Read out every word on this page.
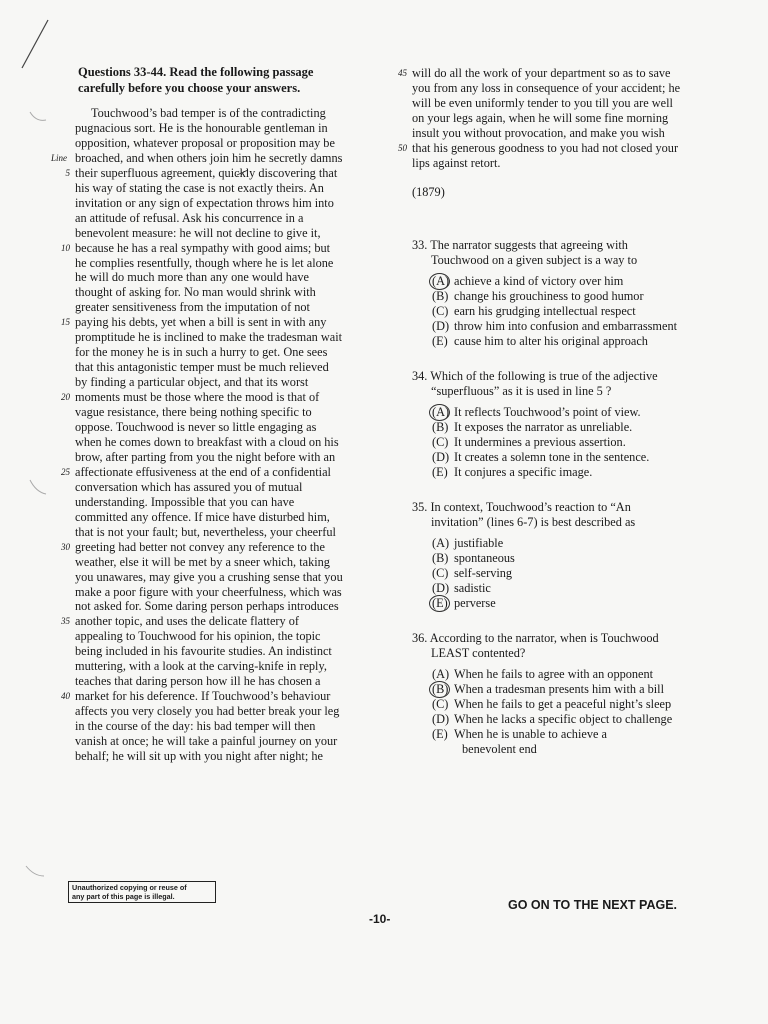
Questions 33-44. Read the following passage
carefully before you choose your answers.
Touchwood’s bad temper is of the contradicting
pugnacious sort. He is the honourable gentleman in
opposition, whatever proposal or proposition may be
Line broached, and when others join him he secretly damns
5 their superfluous agreement, quickly discovering that
his way of stating the case is not exactly theirs. An
invitation or any sign of expectation throws him into
an attitude of refusal. Ask his concurrence in a
benevolent measure: he will not decline to give it,
10 because he has a real sympathy with good aims; but
he complies resentfully, though where he is let alone
he will do much more than any one would have
thought of asking for. No man would shrink with
greater sensitiveness from the imputation of not
15 paying his debts, yet when a bill is sent in with any
promptitude he is inclined to make the tradesman wait
for the money he is in such a hurry to get. One sees
that this antagonistic temper must be much relieved
by finding a particular object, and that its worst
20 moments must be those where the mood is that of
vague resistance, there being nothing specific to
oppose. Touchwood is never so little engaging as
when he comes down to breakfast with a cloud on his
brow, after parting from you the night before with an
25 affectionate effusiveness at the end of a confidential
conversation which has assured you of mutual
understanding. Impossible that you can have
committed any offence. If mice have disturbed him,
that is not your fault; but, nevertheless, your cheerful
30 greeting had better not convey any reference to the
weather, else it will be met by a sneer which, taking
you unawares, may give you a crushing sense that you
make a poor figure with your cheerfulness, which was
not asked for. Some daring person perhaps introduces
35 another topic, and uses the delicate flattery of
appealing to Touchwood for his opinion, the topic
being included in his favourite studies. An indistinct
muttering, with a look at the carving-knife in reply,
teaches that daring person how ill he has chosen a
40 market for his deference. If Touchwood’s behaviour
affects you very closely you had better break your leg
in the course of the day: his bad temper will then
vanish at once; he will take a painful journey on your
behalf; he will sit up with you night after night; he
45 will do all the work of your department so as to save
you from any loss in consequence of your accident; he
will be even uniformly tender to you till you are well
on your legs again, when he will some fine morning
insult you without provocation, and make you wish
50 that his generous goodness to you had not closed your
lips against retort.
(1879)
33. The narrator suggests that agreeing with
Touchwood on a given subject is a way to
(A) achieve a kind of victory over him
(B) change his grouchiness to good humor
(C) earn his grudging intellectual respect
(D) throw him into confusion and embarrassment
(E) cause him to alter his original approach
34. Which of the following is true of the adjective
“superfluous” as it is used in line 5 ?
(A) It reflects Touchwood’s point of view.
(B) It exposes the narrator as unreliable.
(C) It undermines a previous assertion.
(D) It creates a solemn tone in the sentence.
(E) It conjures a specific image.
35. In context, Touchwood’s reaction to “An
invitation” (lines 6-7) is best described as
(A) justifiable
(B) spontaneous
(C) self-serving
(D) sadistic
(E) perverse
36. According to the narrator, when is Touchwood
LEAST contented?
(A) When he fails to agree with an opponent
(B) When a tradesman presents him with a bill
(C) When he fails to get a peaceful night’s sleep
(D) When he lacks a specific object to challenge
(E) When he is unable to achieve a
benevolent end
Unauthorized copying or reuse of
any part of this page is illegal.
-10-
GO ON TO THE NEXT PAGE.
